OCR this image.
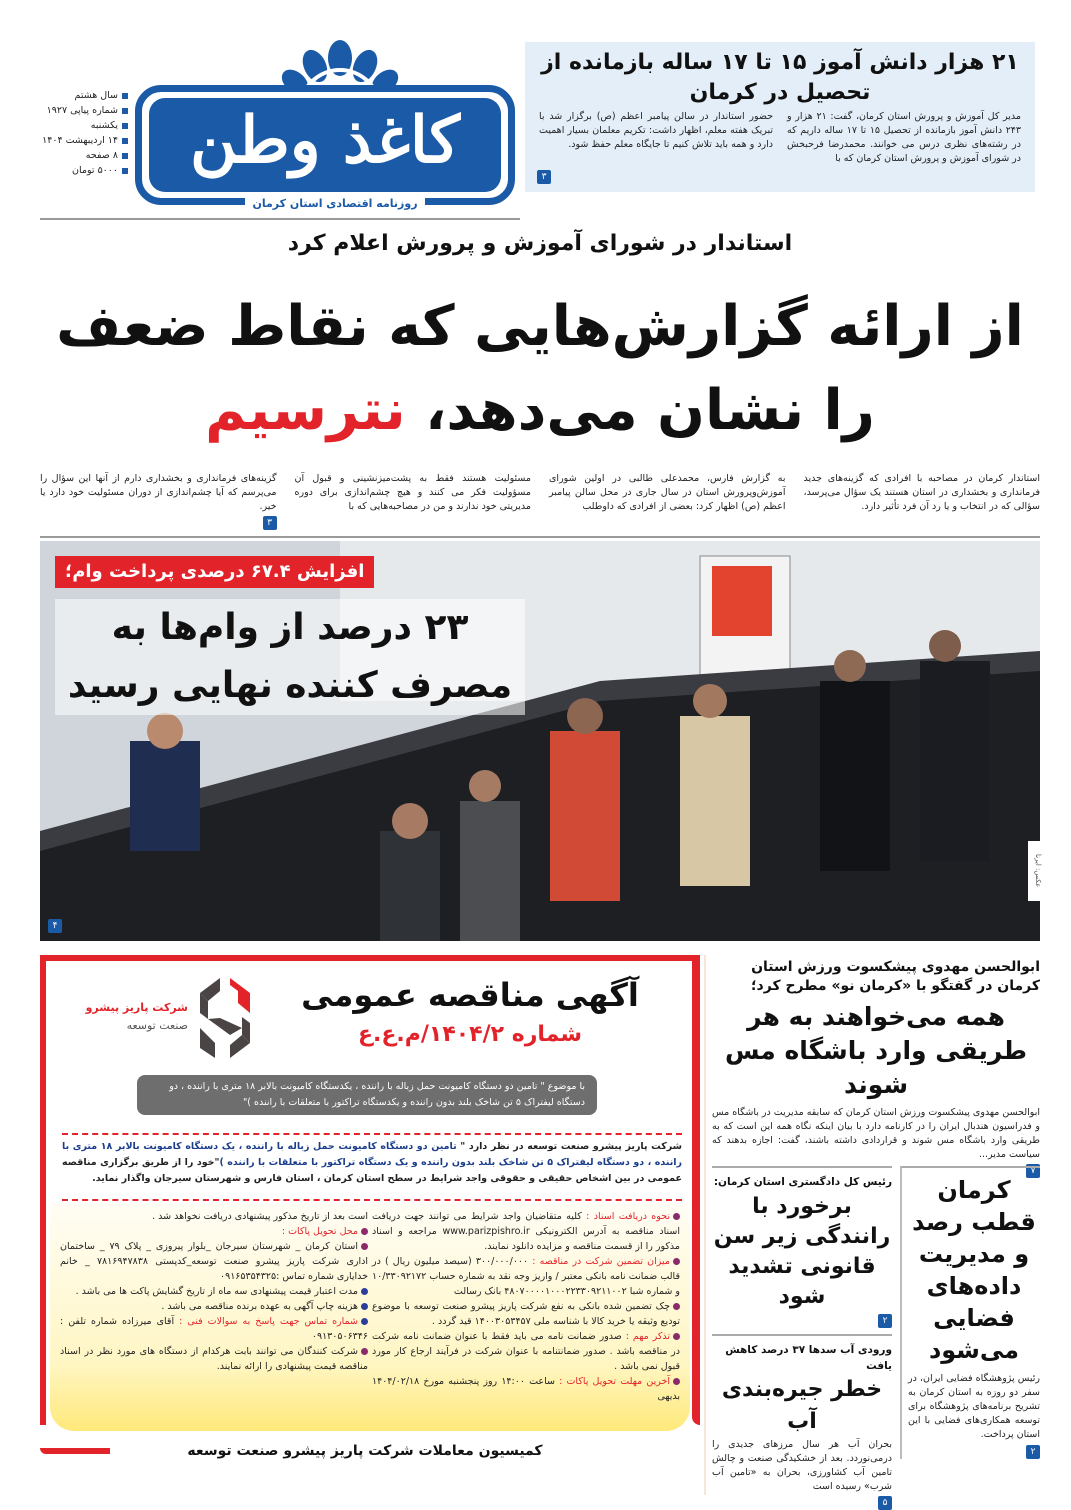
سال هشتم
شماره پیاپی ۱۹۲۷
یکشنبه
۱۴ اردیبهشت ۱۴۰۴
۸ صفحه
۵۰۰۰ تومان کاغذ وطن
روزنامه اقتصادی استان کرمان
۲۱ هزار دانش آموز ۱۵ تا ۱۷ ساله بازمانده از تحصیل در کرمان
مدیر کل آموزش و پرورش استان کرمان، گفت: ۲۱ هزار و ۲۴۳ دانش آموز بازمانده از تحصیل ۱۵ تا ۱۷ ساله داریم که در رشته‌های نظری درس می خوانند. محمدرضا فرحبخش در شورای آموزش و پرورش استان کرمان که با
حضور استاندار در سالن پیامبر اعظم (ص) برگزار شد با تبریک هفته معلم، اظهار داشت: تکریم معلمان بسیار اهمیت دارد و همه باید تلاش کنیم تا جایگاه معلم حفظ شود.
۳
استاندار در شورای آموزش و پرورش اعلام کرد
از ارائه گزارش‌هایی که نقاط ضعف را نشان می‌دهد، نترسیم
استاندار کرمان در مصاحبه با افرادی که گزینه‌های جدید فرمانداری و بخشداری در استان هستند یک سؤال می‌پرسد، سؤالی که در انتخاب و یا رد آن فرد تأثیر دارد.
به گزارش فارس، محمدعلی طالبی در اولین شورای آموزش‌وپرورش استان در سال جاری در محل سالن پیامبر اعظم (ص) اظهار کرد: بعضی از افرادی که داوطلب
مسئولیت هستند فقط به پشت‌میزنشینی و قبول آن مسؤولیت فکر می کنند و هیچ چشم‌اندازی برای دوره مدیریتی خود ندارند و من در مصاحبه‌هایی که با
گزینه‌های فرمانداری و بخشداری دارم از آنها این سؤال را می‌پرسم که آیا چشم‌اندازی از دوران مسئولیت خود دارد یا خیر.
۳
افزایش ۶۷.۴ درصدی پرداخت وام؛
۲۳ درصد از وام‌ها به مصرف کننده نهایی رسید
۴
عکس: ایرنا
شرکت پاریز پیشرو
صنعت توسعه
آگهی مناقصه عمومی
شماره ۱۴۰۴/۲/م.ع.ع
با موضوع " تامین دو دستگاه کامیونت حمل زباله با راننده ، یکدستگاه کامیونت بالابر ۱۸ متری با راننده ، دو دستگاه لیفتراک ۵ تن شاخک بلند بدون راننده و یکدستگاه تراکتور با متعلقات با راننده )"
شرکت پاریز پیشرو صنعت توسعه در نظر دارد " تامین دو دستگاه کامیونت حمل زباله با راننده ، یک دستگاه کامیونت بالابر ۱۸ متری با راننده ، دو دستگاه لیفتراک ۵ تن شاخک بلند بدون راننده و یک دستگاه تراکتور با متعلقات با راننده )"خود را از طریق برگزاری مناقصه عمومی در بین اشخاص حقیقی و حقوقی واجد شرایط در سطح استان کرمان ، استان فارس و شهرستان سیرجان واگذار نماید.

نحوه دریافت اسناد : کلیه متقاضیان واجد شرایط می توانند جهت دریافت اسناد مناقصه به آدرس الکترونیکی www.parizpishro.ir مراجعه و اسناد مذکور را از قسمت مناقصه و مزایده دانلود نمایند.

میزان تضمین شرکت در مناقصه : ۳۰۰/۰۰۰/۰۰۰ (سیصد میلیون ریال ) در قالب ضمانت نامه بانکی معتبر / واریز وجه نقد به شماره حساب ۱۰/۳۳۰۹۲۱۷۲ و شماره شبا ۴۸۰۷۰۰۰۰۱۰۰۰۲۲۳۳۰۹۲۱۱۰۰۲ بانک رسالت

چک تضمین شده بانکی به نفع شرکت پاریز پیشرو صنعت توسعه با موضوع تودیع وثیقه یا خرید کالا با شناسه ملی ۱۴۰۰۳۰۵۳۴۵۷ قید گردد .

تذکر مهم : صدور ضمانت نامه می باید فقط با عنوان ضمانت نامه شرکت در مناقصه باشد . صدور ضمانتنامه با عنوان شرکت در فرآیند ارجاع کار مورد قبول نمی باشد .

آخرین مهلت تحویل پاکات : ساعت ۱۴:۰۰ روز پنجشنبه مورخ ۱۴۰۴/۰۲/۱۸ بدیهی

است بعد از تاریخ مذکور پیشنهادی دریافت نخواهد شد .

محل تحویل پاکات :

استان کرمان _ شهرستان سیرجان _بلوار پیروزی _ پلاک ۷۹ _ ساختمان اداری شرکت پاریز پیشرو صنعت توسعه_کدپستی ۷۸۱۶۹۴۷۸۳۸ _ خانم خدایاری شماره تماس :۰۹۱۶۵۳۵۴۳۲۵

مدت اعتبار قیمت پیشنهادی سه ماه از تاریخ گشایش پاکت ها می باشد .

هزینه چاپ آگهی به عهده برنده مناقصه می باشد .

شماره تماس جهت پاسخ به سوالات فنی : آقای میرزاده شماره تلفن : ۰۹۱۳۰۵۰۶۳۴۶

شرکت کنندگان می توانند بابت هرکدام از دستگاه های مورد نظر در اسناد مناقصه قیمت پیشنهادی را ارائه نمایند.

کمیسیون معاملات شرکت پاریز پیشرو صنعت توسعه
ابوالحسن مهدوی پیشکسوت ورزش استان کرمان در گفتگو با «کرمان نو» مطرح کرد؛
همه می‌خواهند به هر طریقی وارد باشگاه مس شوند
ابوالحسن مهدوی پیشکسوت ورزش استان کرمان که سابقه مدیریت در باشگاه مس و فدراسیون هندبال ایران را در کارنامه دارد با بیان اینکه نگاه همه این است که به طریقی وارد باشگاه مس شوند و قراردادی داشته باشند، گفت: اجازه بدهند که سیاست مدیر...
۷
رئیس کل دادگستری استان کرمان:
برخورد با رانندگی زیر سن قانونی تشدید شود
۲
ورودی آب سدها ۳۷ درصد کاهش یافت
خطر جیره‌بندی آب
بحران آب هر سال مرزهای جدیدی را درمی‌نوردد. بعد از خشکیدگی صنعت و چالش تامین آب کشاورزی، بحران به «تامین آب شرب» رسیده است
۵
کرمان قطب رصد و مدیریت داده‌های فضایی می‌شود
رئیس پژوهشگاه فضایی ایران، در سفر دو روزه به استان کرمان به تشریح برنامه‌های پژوهشگاه برای توسعه همکاری‌های فضایی با این استان پرداخت.
۲
